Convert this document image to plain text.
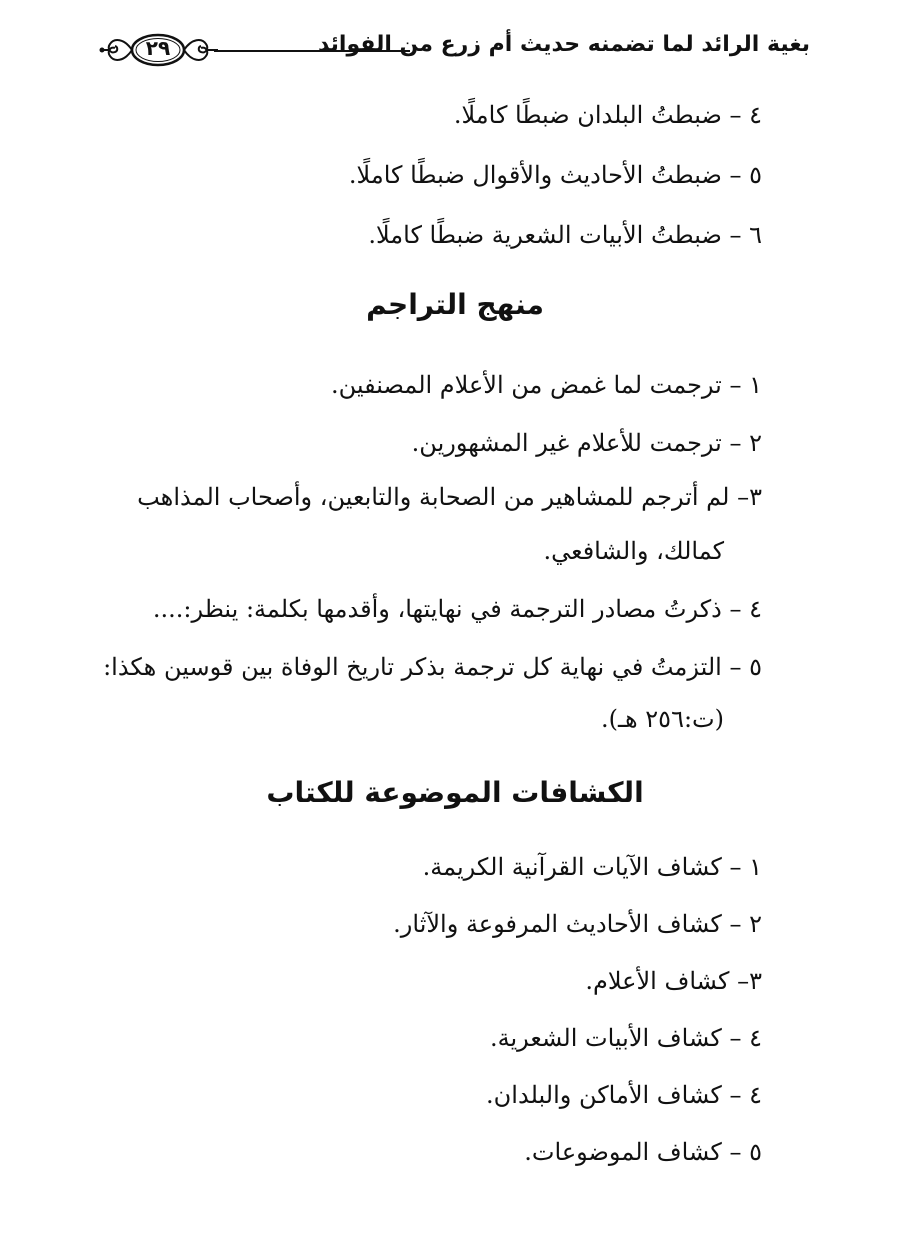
بغية الرائد لما تضمنه حديث أم زرع من الفوائد
٢٩
٤ – ضبطتُ البلدان ضبطًا كاملًا.
٥ – ضبطتُ الأحاديث والأقوال ضبطًا كاملًا.
٦ – ضبطتُ الأبيات الشعرية ضبطًا كاملًا.
منهج التراجم
١ – ترجمت لما غمض من الأعلام المصنفين.
٢ – ترجمت للأعلام غير المشهورين.
٣– لم أترجم للمشاهير من الصحابة والتابعين، وأصحاب المذاهب
كمالك، والشافعي.
٤ – ذكرتُ مصادر الترجمة في نهايتها، وأقدمها بكلمة: ينظر:....
٥ – التزمتُ في نهاية كل ترجمة بذكر تاريخ الوفاة بين قوسين هكذا:
(ت:٢٥٦ هـ).
الكشافات الموضوعة للكتاب
١ – كشاف الآيات القرآنية الكريمة.
٢ – كشاف الأحاديث المرفوعة والآثار.
٣– كشاف الأعلام.
٤ – كشاف الأبيات الشعرية.
٤ – كشاف الأماكن والبلدان.
٥ – كشاف الموضوعات.
